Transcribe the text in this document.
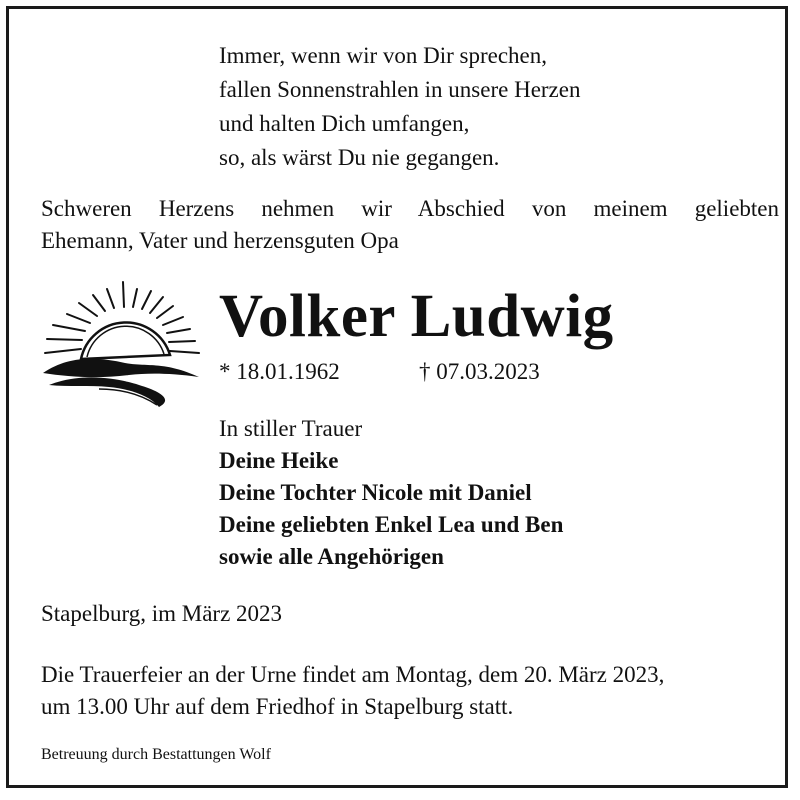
Immer, wenn wir von Dir sprechen,
fallen Sonnenstrahlen in unsere Herzen
und halten Dich umfangen,
so, als wärst Du nie gegangen.
Schweren Herzens nehmen wir Abschied von meinem geliebten
Ehemann, Vater und herzensguten Opa
Volker Ludwig
* 18.01.1962	† 07.03.2023
In stiller Trauer
Deine Heike
Deine Tochter Nicole mit Daniel
Deine geliebten Enkel Lea und Ben
sowie alle Angehörigen
Stapelburg, im März 2023
Die Trauerfeier an der Urne findet am Montag, dem 20. März 2023,
um 13.00 Uhr auf dem Friedhof in Stapelburg statt.
Betreuung durch Bestattungen Wolf
